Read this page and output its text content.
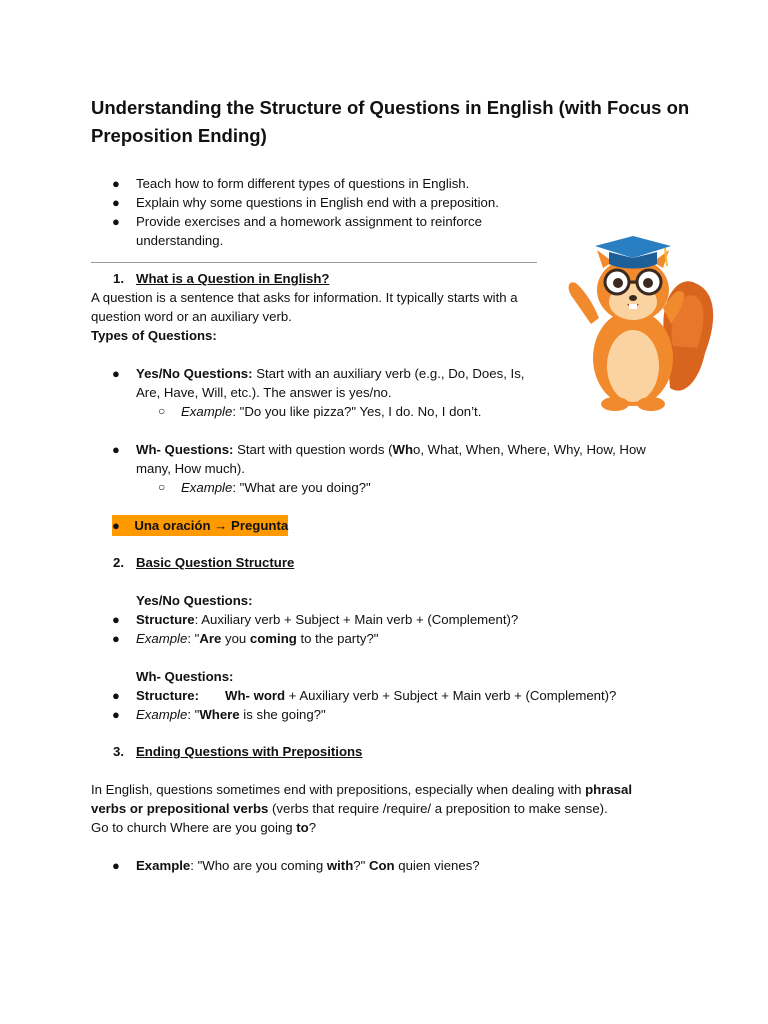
Understanding the Structure of Questions in English (with Focus on Preposition Ending)
● Teach how to form different types of questions in English.
● Explain why some questions in English end with a preposition.
● Provide exercises and a homework assignment to reinforce
understanding.
1. What is a Question in English?
A question is a sentence that asks for information. It typically starts with a
question word or an auxiliary verb.
Types of Questions:
● Yes/No Questions: Start with an auxiliary verb (e.g., Do, Does, Is,
Are, Have, Will, etc.). The answer is yes/no.
○ Example: "Do you like pizza?" Yes, I do. No, I don’t.
● Wh- Questions: Start with question words (Who, What, When, Where, Why, How, How
many, How much).
○ Example: "What are you doing?"
●    Una oración → Pregunta
2. Basic Question Structure
Yes/No Questions:
● Structure: Auxiliary verb + Subject + Main verb + (Complement)?
● Example: "Are you coming to the party?"
Wh- Questions:
● Structure: Wh- word + Auxiliary verb + Subject + Main verb + (Complement)?
● Example: "Where is she going?"
3. Ending Questions with Prepositions
In English, questions sometimes end with prepositions, especially when dealing with phrasal
verbs or prepositional verbs (verbs that require /require/ a preposition to make sense).
Go to church Where are you going to?
● Example: "Who are you coming with?" Con quien vienes?
